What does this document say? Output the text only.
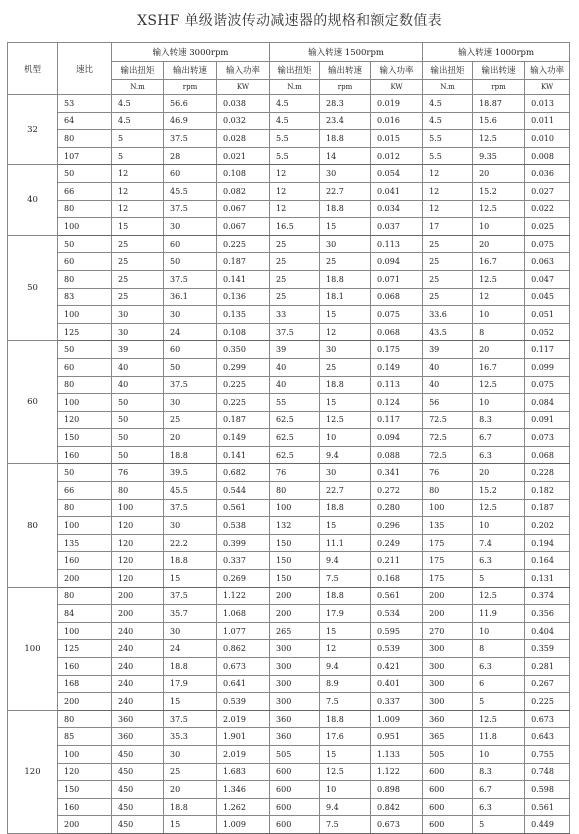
XSHF 单级谐波传动减速器的规格和额定数值表
机型	速比	输入转速 3000rpm			输入转速 1500rpm			输入转速 1000rpm		
		输出扭矩	输出转速	输入功率	输出扭矩	输出转速	输入功率	输出扭矩	输出转速	输入功率
		N.m	rpm	KW	N.m	rpm	KW	N.m	rpm	KW
32	53	4.5	56.6	0.038	4.5	28.3	0.019	4.5	18.87	0.013
	64	4.5	46.9	0.032	4.5	23.4	0.016	4.5	15.6	0.011
	80	5	37.5	0.028	5.5	18.8	0.015	5.5	12.5	0.010
	107	5	28	0.021	5.5	14	0.012	5.5	9.35	0.008
40	50	12	60	0.108	12	30	0.054	12	20	0.036
	66	12	45.5	0.082	12	22.7	0.041	12	15.2	0.027
	80	12	37.5	0.067	12	18.8	0.034	12	12.5	0.022
	100	15	30	0.067	16.5	15	0.037	17	10	0.025
50	50	25	60	0.225	25	30	0.113	25	20	0.075
	60	25	50	0.187	25	25	0.094	25	16.7	0.063
	80	25	37.5	0.141	25	18.8	0.071	25	12.5	0.047
	83	25	36.1	0.136	25	18.1	0.068	25	12	0.045
	100	30	30	0.135	33	15	0.075	33.6	10	0.051
	125	30	24	0.108	37.5	12	0.068	43.5	8	0.052
60	50	39	60	0.350	39	30	0.175	39	20	0.117
	60	40	50	0.299	40	25	0.149	40	16.7	0.099
	80	40	37.5	0.225	40	18.8	0.113	40	12.5	0.075
	100	50	30	0.225	55	15	0.124	56	10	0.084
	120	50	25	0.187	62.5	12.5	0.117	72.5	8.3	0.091
	150	50	20	0.149	62.5	10	0.094	72.5	6.7	0.073
	160	50	18.8	0.141	62.5	9.4	0.088	72.5	6.3	0.068
80	50	76	39.5	0.682	76	30	0.341	76	20	0.228
	66	80	45.5	0.544	80	22.7	0.272	80	15.2	0.182
	80	100	37.5	0.561	100	18.8	0.280	100	12.5	0.187
	100	120	30	0.538	132	15	0.296	135	10	0.202
	135	120	22.2	0.399	150	11.1	0.249	175	7.4	0.194
	160	120	18.8	0.337	150	9.4	0.211	175	6.3	0.164
	200	120	15	0.269	150	7.5	0.168	175	5	0.131
100	80	200	37.5	1.122	200	18.8	0.561	200	12.5	0.374
	84	200	35.7	1.068	200	17.9	0.534	200	11.9	0.356
	100	240	30	1.077	265	15	0.595	270	10	0.404
	125	240	24	0.862	300	12	0.539	300	8	0.359
	160	240	18.8	0.673	300	9.4	0.421	300	6.3	0.281
	168	240	17.9	0.641	300	8.9	0.401	300	6	0.267
	200	240	15	0.539	300	7.5	0.337	300	5	0.225
120	80	360	37.5	2.019	360	18.8	1.009	360	12.5	0.673
	85	360	35.3	1.901	360	17.6	0.951	365	11.8	0.643
	100	450	30	2.019	505	15	1.133	505	10	0.755
	120	450	25	1.683	600	12.5	1.122	600	8.3	0.748
	150	450	20	1.346	600	10	0.898	600	6.7	0.598
	160	450	18.8	1.262	600	9.4	0.842	600	6.3	0.561
	200	450	15	1.009	600	7.5	0.673	600	5	0.449
